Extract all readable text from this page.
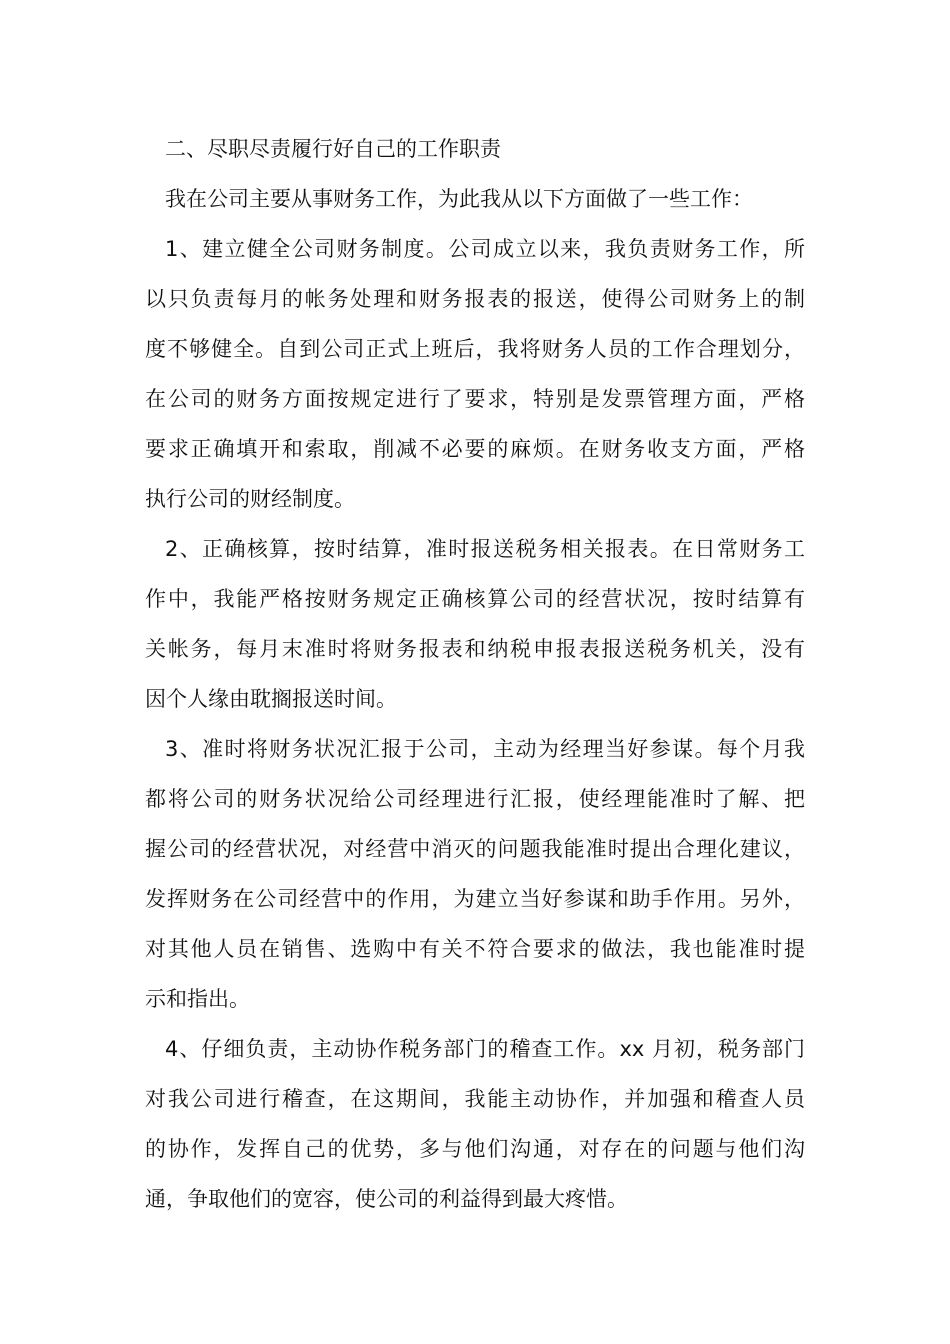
二、尽职尽责履行好自己的工作职责

我在公司主要从事财务工作，为此我从以下方面做了一些工作：

1、建立健全公司财务制度。公司成立以来，我负责财务工作，所
以只负责每月的帐务处理和财务报表的报送，使得公司财务上的制
度不够健全。自到公司正式上班后，我将财务人员的工作合理划分，
在公司的财务方面按规定进行了要求，特别是发票管理方面，严格
要求正确填开和索取，削减不必要的麻烦。在财务收支方面，严格
执行公司的财经制度。

2、正确核算，按时结算，准时报送税务相关报表。在日常财务工
作中，我能严格按财务规定正确核算公司的经营状况，按时结算有
关帐务，每月末准时将财务报表和纳税申报表报送税务机关，没有
因个人缘由耽搁报送时间。

3、准时将财务状况汇报于公司，主动为经理当好参谋。每个月我
都将公司的财务状况给公司经理进行汇报，使经理能准时了解、把
握公司的经营状况，对经营中消灭的问题我能准时提出合理化建议，
发挥财务在公司经营中的作用，为建立当好参谋和助手作用。另外，
对其他人员在销售、选购中有关不符合要求的做法，我也能准时提
示和指出。

4、仔细负责，主动协作税务部门的稽查工作。xx 月初，税务部门
对我公司进行稽查，在这期间，我能主动协作，并加强和稽查人员
的协作，发挥自己的优势，多与他们沟通，对存在的问题与他们沟
通，争取他们的宽容，使公司的利益得到最大疼惜。
